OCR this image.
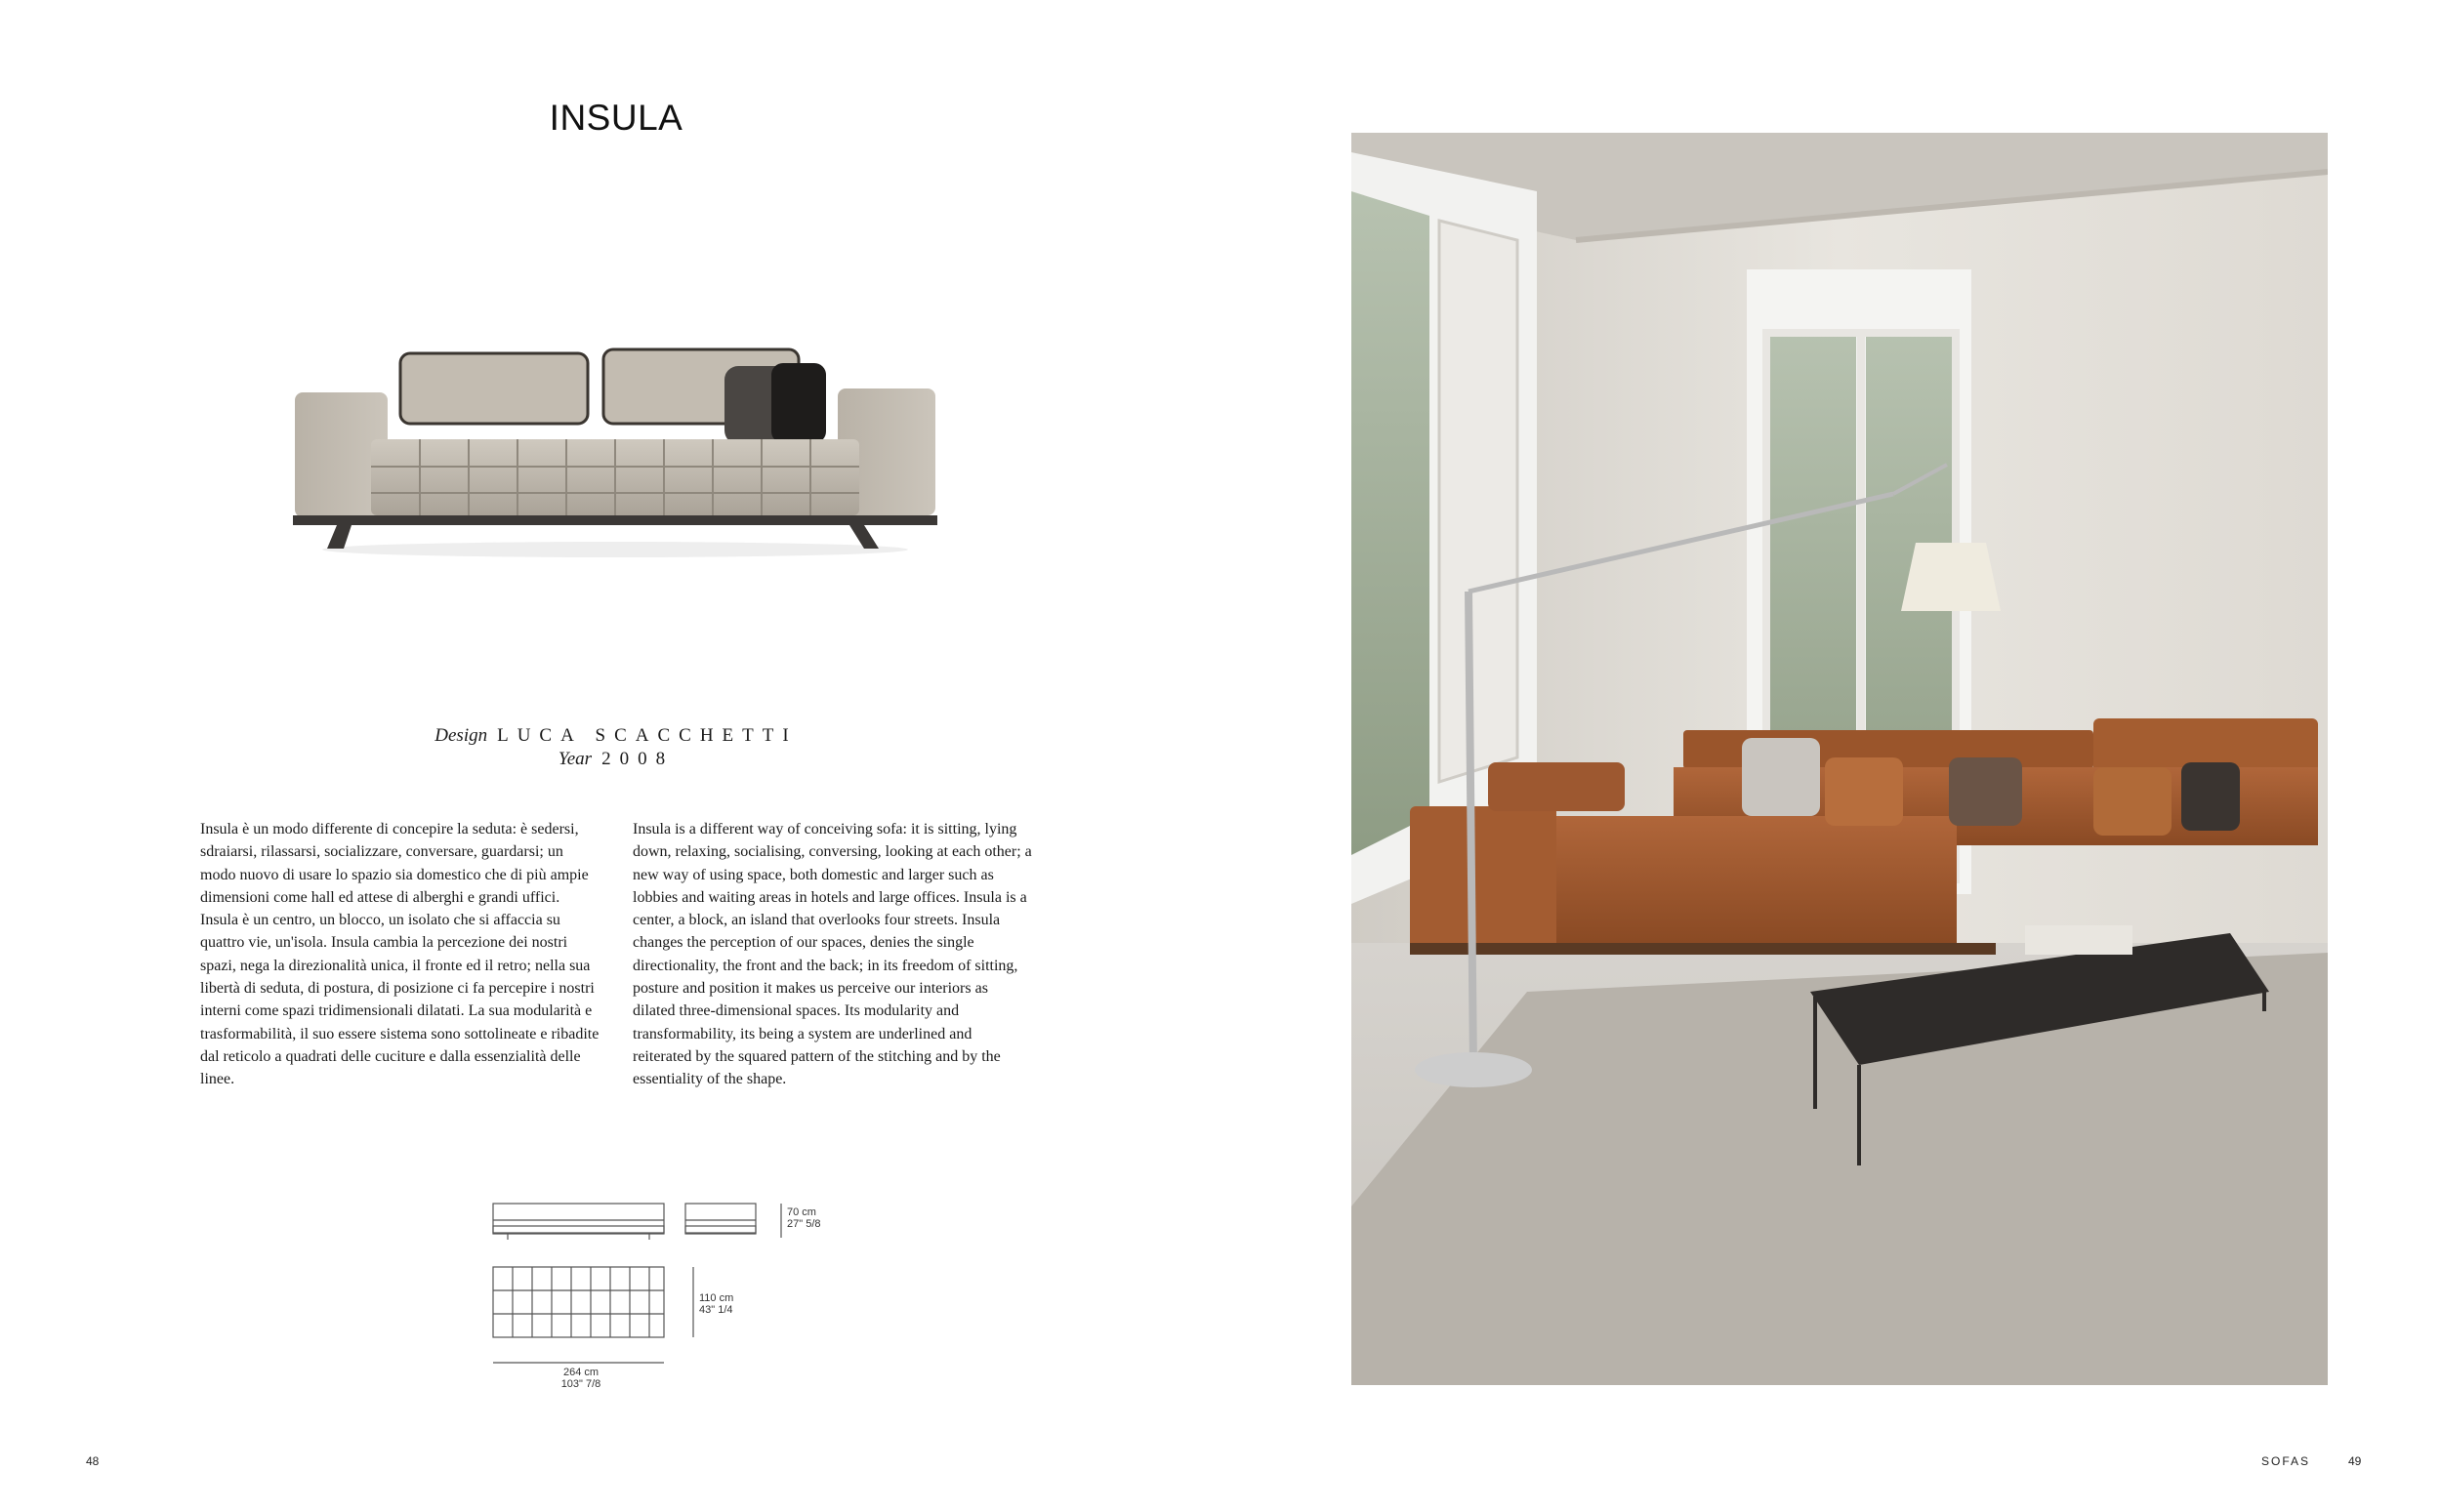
INSULA
Design LUCA SCACCHETTI
Year 2008
Insula è un modo differente di concepire la seduta: è sedersi, sdraiarsi, rilassarsi, socializzare, conversare, guardarsi; un modo nuovo di usare lo spazio sia domestico che di più ampie dimensioni come hall ed attese di alberghi e grandi uffici. Insula è un centro, un blocco, un isolato che si affaccia su quattro vie, un'isola. Insula cambia la percezione dei nostri spazi, nega la direzionalità unica, il fronte ed il retro; nella sua libertà di seduta, di postura, di posizione ci fa percepire i nostri interni come spazi tridimensionali dilatati. La sua modularità e trasformabilità, il suo essere sistema sono sottolineate e ribadite dal reticolo a quadrati delle cuciture e dalla essenzialità delle linee.
Insula is a different way of conceiving sofa: it is sitting, lying down, relaxing, socialising, conversing, looking at each other; a new way of using space, both domestic and larger such as lobbies and waiting areas in hotels and large offices. Insula is a center, a block, an island that overlooks four streets. Insula changes the perception of our spaces, denies the single directionality, the front and the back; in its freedom of sitting, posture and position it makes us perceive our interiors as dilated three-dimensional spaces. Its modularity and transformability, its being a system are underlined and reiterated by the squared pattern of the stitching and by the essentiality of the shape.
70 cm
27" 5/8
110 cm
43" 1/4
264 cm
103" 7/8
48	SOFAS	49
